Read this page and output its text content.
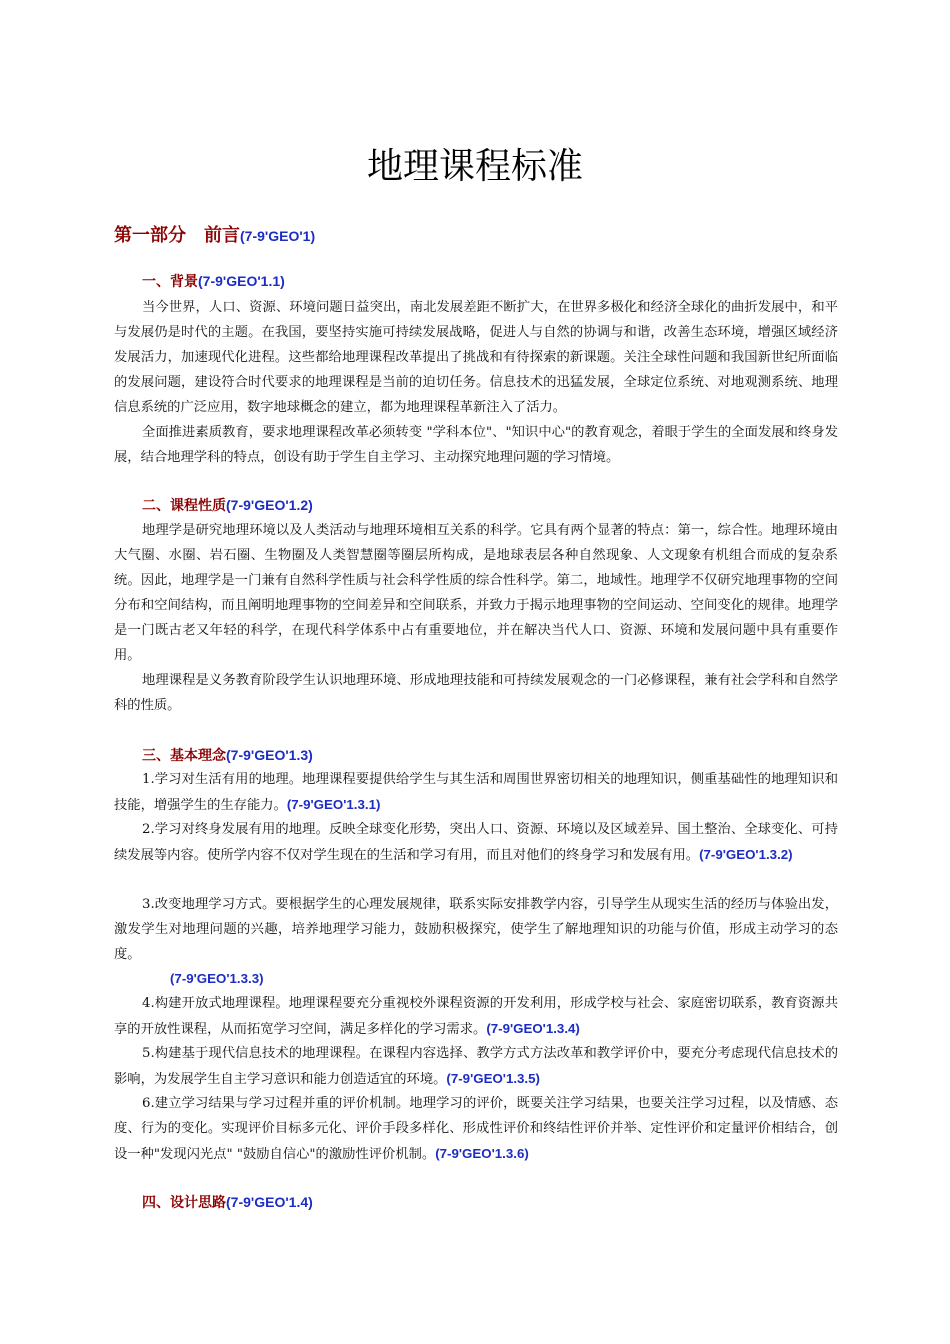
地理课程标准
第一部分　前言(7-9'GEO'1)
一、背景(7-9'GEO'1.1)

当今世界，人口、资源、环境问题日益突出，南北发展差距不断扩大，在世界多极化和经济全球化的曲折发展中，和平与发展仍是时代的主题。在我国，要坚持实施可持续发展战略，促进人与自然的协调与和谐，改善生态环境，增强区域经济发展活力，加速现代化进程。这些都给地理课程改革提出了挑战和有待探索的新课题。关注全球性问题和我国新世纪所面临的发展问题，建设符合时代要求的地理课程是当前的迫切任务。信息技术的迅猛发展，全球定位系统、对地观测系统、地理信息系统的广泛应用，数字地球概念的建立，都为地理课程革新注入了活力。

全面推进素质教育，要求地理课程改革必须转变 "学科本位"、"知识中心"的教育观念，着眼于学生的全面发展和终身发展，结合地理学科的特点，创设有助于学生自主学习、主动探究地理问题的学习情境。

二、课程性质(7-9'GEO'1.2)

地理学是研究地理环境以及人类活动与地理环境相互关系的科学。它具有两个显著的特点：第一，综合性。地理环境由大气圈、水圈、岩石圈、生物圈及人类智慧圈等圈层所构成，是地球表层各种自然现象、人文现象有机组合而成的复杂系统。因此，地理学是一门兼有自然科学性质与社会科学性质的综合性科学。第二，地域性。地理学不仅研究地理事物的空间分布和空间结构，而且阐明地理事物的空间差异和空间联系，并致力于揭示地理事物的空间运动、空间变化的规律。地理学是一门既古老又年轻的科学，在现代科学体系中占有重要地位，并在解决当代人口、资源、环境和发展问题中具有重要作用。

地理课程是义务教育阶段学生认识地理环境、形成地理技能和可持续发展观念的一门必修课程，兼有社会学科和自然学科的性质。

三、基本理念(7-9'GEO'1.3)

1.学习对生活有用的地理。地理课程要提供给学生与其生活和周围世界密切相关的地理知识，侧重基础性的地理知识和技能，增强学生的生存能力。(7-9'GEO'1.3.1)

2.学习对终身发展有用的地理。反映全球变化形势，突出人口、资源、环境以及区域差异、国土整治、全球变化、可持续发展等内容。使所学内容不仅对学生现在的生活和学习有用，而且对他们的终身学习和发展有用。(7-9'GEO'1.3.2)

3.改变地理学习方式。要根据学生的心理发展规律，联系实际安排教学内容，引导学生从现实生活的经历与体验出发，激发学生对地理问题的兴趣，培养地理学习能力，鼓励积极探究，使学生了解地理知识的功能与价值，形成主动学习的态度。

(7-9'GEO'1.3.3)

4.构建开放式地理课程。地理课程要充分重视校外课程资源的开发利用，形成学校与社会、家庭密切联系，教育资源共享的开放性课程，从而拓宽学习空间，满足多样化的学习需求。(7-9'GEO'1.3.4)

5.构建基于现代信息技术的地理课程。在课程内容选择、教学方式方法改革和教学评价中，要充分考虑现代信息技术的影响，为发展学生自主学习意识和能力创造适宜的环境。(7-9'GEO'1.3.5)

6.建立学习结果与学习过程并重的评价机制。地理学习的评价，既要关注学习结果，也要关注学习过程，以及情感、态度、行为的变化。实现评价目标多元化、评价手段多样化、形成性评价和终结性评价并举、定性评价和定量评价相结合，创设一种"发现闪光点" "鼓励自信心"的激励性评价机制。(7-9'GEO'1.3.6)

四、设计思路(7-9'GEO'1.4)
